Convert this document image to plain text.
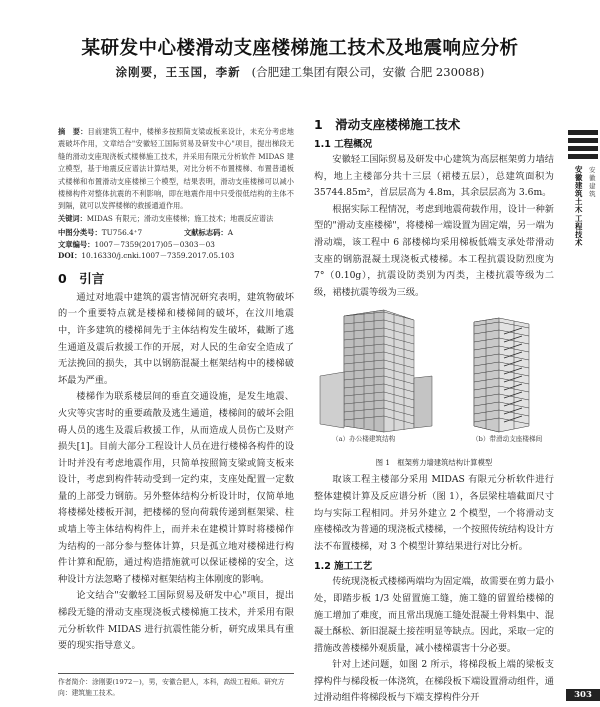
某研发中心楼滑动支座楼梯施工技术及地震响应分析
涂刚要，王玉国，李新 (合肥建工集团有限公司，安徽 合肥 230088)
摘　要：目前建筑工程中，楼梯多按照简支梁或板来设计，未充分考虑地震破坏作用，文章结合"安徽轻工国际贸易及研发中心"项目，提出梯段无缝的滑动支座现浇板式楼梯施工技术，并采用有限元分析软件 MIDAS 建立模型，基于地震反应谱法计算结果，对比分析不布置楼梯、布置普通板式楼梯和布置滑动支座楼梯三个模型，结果表明，滑动支座楼梯可以减小楼梯构件对整体抗震的不利影响，即在地震作用中只受很低结构的主体不到隔，就可以发挥楼梯的救援通道作用。
关键词：MIDAS 有限元；滑动支座楼梯；施工技术；地震反应谱法
中图分类号：TU756.4⁺7	文献标志码：A
文章编号：1007－7359(2017)05－0303－03
DOI：10.16330/j.cnki.1007－7359.2017.05.103
0　引言

通过对地震中建筑的震害情况研究表明，建筑物破坏的一个重要特点就是楼梯和楼梯间的破坏，在汶川地震中，许多建筑的楼梯间先于主体结构发生破坏，截断了逃生通道及震后救援工作的开展，对人民的生命安全造成了无法挽回的损失，其中以钢筋混凝土框架结构中的楼梯破坏最为严重。

楼梯作为联系楼层间的垂直交通设施，是发生地震、火灾等灾害时的重要疏散及逃生通道，楼梯间的破坏会阻碍人员的逃生及震后救援工作，从而造成人员伤亡及财产损失[1]。目前大部分工程设计人员在进行楼梯各构件的设计时并没有考虑地震作用，只简单按照简支梁或简支板来设计，考虑到构件转动受到一定约束，支座处配置一定数量的上部受力钢筋。另外整体结构分析设计时，仅简单地将楼梯处楼板开洞，把楼梯的竖向荷载传递到框架梁、柱或墙上等主体结构构件上，而并未在建模计算时将楼梯作为结构的一部分参与整体计算，只是孤立地对楼梯进行构件计算和配筋，通过构造措施就可以保证楼梯的安全，这种设计方法忽略了楼梯对框架结构主体刚度的影响。

论文结合"安徽轻工国际贸易及研发中心"项目，提出梯段无缝的滑动支座现浇板式楼梯施工技术，并采用有限元分析软件 MIDAS 进行抗震性能分析，研究成果具有重要的现实指导意义。

作者简介：涂刚要(1972－)，男，安徽合肥人，本科，高级工程师。研究方向：建筑施工技术。
1　滑动支座楼梯施工技术
1.1 工程概况

安徽轻工国际贸易及研发中心建筑为高层框架剪力墙结构，地上主楼部分共十三层（裙楼五层），总建筑面积为 35744.85m²，首层层高为 4.8m，其余层层高为 3.6m。

根据实际工程情况，考虑到地震荷载作用，设计一种新型的"滑动支座楼梯"，将楼梯一端设置为固定端，另一端为滑动端，该工程中 6 部楼梯均采用梯板低端支承处带滑动支座的钢筋混凝土现浇板式楼梯。本工程抗震设防烈度为 7°（0.10g），抗震设防类别为丙类，主楼抗震等级为二级，裙楼抗震等级为三级。

（a）办公楼建筑结构	（b）带滑动支座楼梯间
图 1　框架剪力墙建筑结构计算模型

取该工程主楼部分采用 MIDAS 有限元分析软件进行整体建模计算及反应谱分析（图 1），各层梁柱墙截面尺寸均与实际工程相同。并另外建立 2 个模型，一个将滑动支座楼梯改为普通的现浇板式楼梯，一个按照传统结构设计方法不布置楼梯，对 3 个模型计算结果进行对比分析。

1.2 施工工艺

传统现浇板式楼梯两端均为固定端，故需要在剪力最小处，即踏步板 1/3 处留置施工缝，施工缝的留置给楼梯的施工增加了难度，而且常出现施工缝处混凝土骨料集中、混凝土酥松、新旧混凝土接茬明显等缺点。因此，采取一定的措施改善楼梯外观质量，减小楼梯震害十分必要。

针对上述问题，如图 2 所示，将梯段板上端的梁板支撑构件与梯段板一体浇筑，在梯段板下端设置滑动组件，通过滑动组件将梯段板与下端支撑构件分开

安徽建筑土木工程技术
安徽建筑
303
